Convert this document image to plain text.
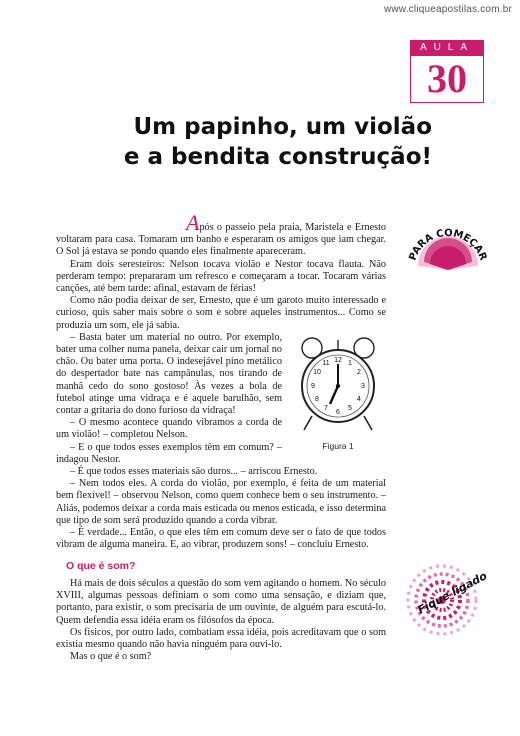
www.cliqueapostilas.com.br
AULA
30
Um papinho, um violão
e a bendita construção!
PARA COMEÇAR

Após o passeio pela praia, Maristela e Ernesto voltaram para casa. Tomaram um banho e esperaram os amigos que iam chegar. O Sol já estava se pondo quando eles finalmente apareceram.

Eram dois seresteiros: Nelson tocava violão e Nestor tocava flauta. Não perderam tempo: prepararam um refresco e começaram a tocar. Tocaram várias canções, até bem tarde: afinal, estavam de férias!

Como não podia deixar de ser, Ernesto, que é um garoto muito interessado e curioso, quis saber mais sobre o som e sobre aqueles instrumentos... Como se produzia um som, ele já sabia.

12 1
2
3
4
5
6
7
8
9
10
11
Figura 1

– Basta bater um material no outro. Por exemplo, bater uma colher numa panela, deixar cair um jornal no chão. Ou bater uma porta. O indesejável pino metálico do despertador bate nas campânulas, nos tirando de manhã cedo do sono gostoso! Às vezes a bola de futebol atinge uma vidraça e é aquele barulhão, sem contar a gritaria do dono furioso da vidraça!

– O mesmo acontece quando vibramos a corda de um violão! – completou Nelson.

– E o que todos esses exemplos têm em comum? – indagou Nestor.

– É que todos esses materiais são duros... – arriscou Ernesto.

– Nem todos eles. A corda do violão, por exemplo, é feita de um material bem flexível! – observou Nelson, como quem conhece bem o seu instrumento. – Aliás, podemos deixar a corda mais esticada ou menos esticada, e isso determina que tipo de som será produzido quando a corda vibrar.

– É verdade... Então, o que eles têm em comum deve ser o fato de que todos vibram de alguma maneira. E, ao vibrar, produzem sons! – concluiu Ernesto.

O que é som?
Fique ligado

Há mais de dois séculos a questão do som vem agitando o homem. No século XVIII, algumas pessoas definiam o som como uma sensação, e diziam que, portanto, para existir, o som precisaria de um ouvinte, de alguém para escutá-lo. Quem defendia essa idéia eram os filósofos da época.

Os físicos, por outro lado, combatiam essa idéia, pois acreditavam que o som existia mesmo quando não havia ninguém para ouvi-lo.

Mas o que é o som?
